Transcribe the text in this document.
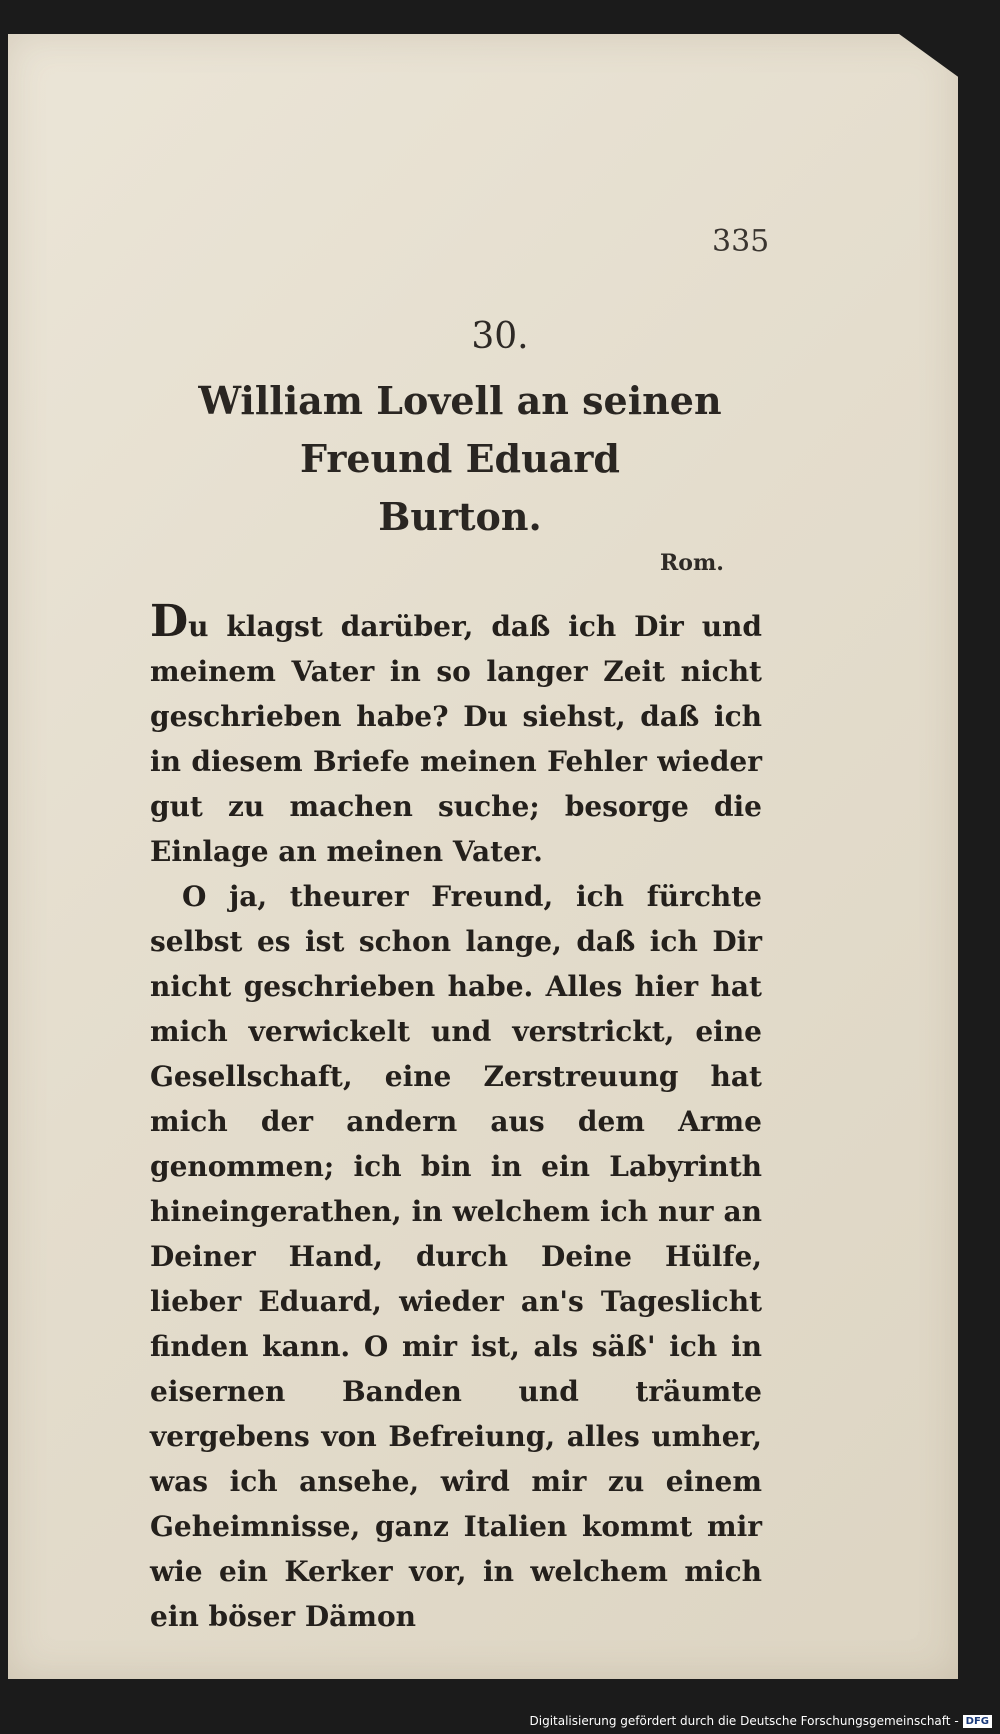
335
30.
William Lovell an seinen Freund Eduard
Burton.
Rom.

Du klagst darüber, daß ich Dir und meinem Vater in so langer Zeit nicht geschrieben habe? Du siehst, daß ich in diesem Briefe meinen Fehler wieder gut zu machen suche; besorge die Einlage an meinen Vater.

O ja, theurer Freund, ich fürchte selbst es ist schon lange, daß ich Dir nicht geschrieben habe. Alles hier hat mich verwickelt und verstrickt, eine Gesellschaft, eine Zerstreuung hat mich der andern aus dem Arme genommen; ich bin in ein Labyrinth hineingerathen, in welchem ich nur an Deiner Hand, durch Deine Hülfe, lieber Eduard, wieder an's Tageslicht finden kann. O mir ist, als säß' ich in eisernen Banden und träumte vergebens von Befreiung, alles umher, was ich ansehe, wird mir zu einem Geheimnisse, ganz Italien kommt mir wie ein Kerker vor, in welchem mich ein böser Dämon

Digitalisierung gefördert durch die Deutsche Forschungsgemeinschaft - DFG
